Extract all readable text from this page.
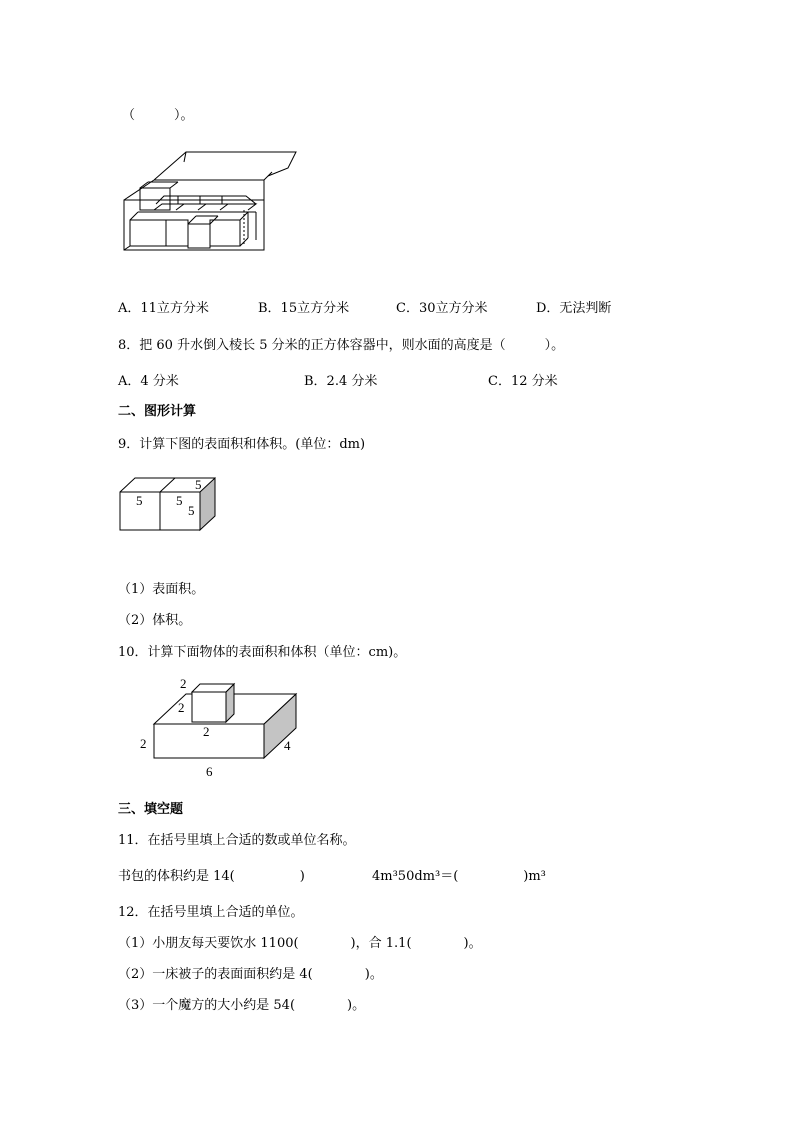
（　　　）。
A．11立方分米	B．15立方分米	C．30立方分米	D．无法判断
8．把 60 升水倒入棱长 5 分米的正方体容器中，则水面的高度是（　　　）。
A．4 分米	B．2.4 分米	C．12 分米
二、图形计算
9．计算下图的表面积和体积。(单位：dm)
5	5
5
5
（1）表面积。
（2）体积。
10．计算下面物体的表面积和体积（单位：cm)。
2
2
2
2	4
6
三、填空题
11．在括号里填上合适的数或单位名称。
书包的体积约是 14(　　　　　)	4m³50dm³＝(　　　　　)m³
12．在括号里填上合适的单位。
（1）小朋友每天要饮水 1100(　　　　)，合 1.1(　　　　)。
（2）一床被子的表面面积约是 4(　　　　)。
（3）一个魔方的大小约是 54(　　　　)。
